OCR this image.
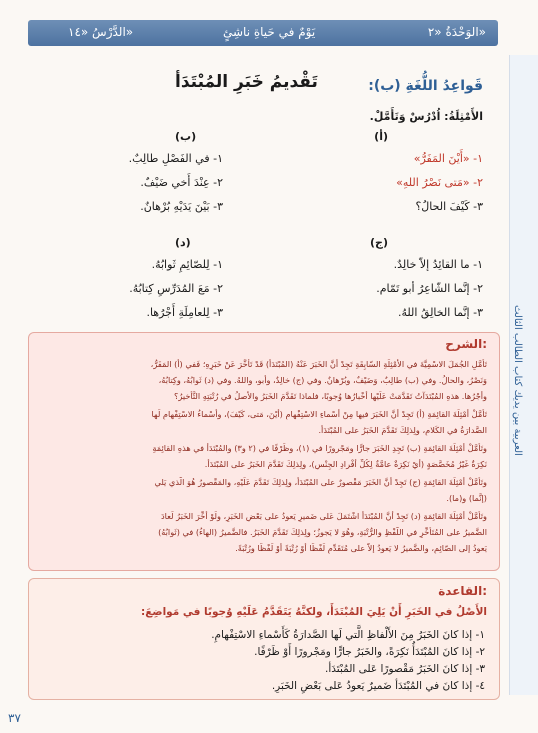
الوَحْدَةُ «٢»
يَوْمٌ في حَياةِ ناشِئٍ
الدَّرْسُ «١٤»
العربية بين يديك كتاب الطالب الثالث
تَقْديمُ خَبَرِ المُبْتَدَأ	قَواعِدُ اللُّغَةِ (ب):
الأَمْثِلَةُ: اُدْرُسْ وَتَأَمَّلْ.
(أ)
١- «أَيْنَ المَفَرُّ»
٢- «مَتى نَصْرُ اللهِ»
٣- كَيْفَ الحالُ؟
(ب)
١- في الفَصْلِ طالِبٌ.
٢- عِنْدَ أَخي ضَيْفٌ.
٣- بَيْنَ يَدَيْهِ بُرْهانٌ.
(ج)
١- ما القائِدُ إلاّ خالِدٌ.
٢- إنَّما الشّاعِرُ أبو تَمّام.
٣- إنَّما الخالِقُ اللهُ.
(د)
١- لِلصّائِمِ ثَوابُهُ.
٢- مَعَ المُدَرِّسِ كِتابُهُ.
٣- لِلعامِلَةِ أَجْرُها.
الشرح:
تَأَمَّلِ الجُمَلَ الاسْمِيَّةَ في الأَمْثِلَةِ السّابِقَةِ تَجِدْ أنَّ الخَبَرَ عَنْهُ (المُبْتَدَأَ) قَدْ تَأَخَّرَ عَنْ خَبَرِهِ؛ فَفي (أ) المَفَرُّ،
وَنَصْرُ، والحالُ. وفي (ب) طالِبٌ، وَضَيْفٌ، وبُرْهانٌ. وفي (ج) خالِدٌ، وأبو، واللهُ. وفي (د) ثَوابُهُ، وكِتابُهُ،
وأَجْرُها. هذهِ المُبْتَدَآتُ تَقَدَّمَتْ عَلَيْها أخْبارُها وُجوبًا، فلماذا تَقَدَّمَ الخَبَرُ والأصلُ في رُتْبَتِهِ التَّأخيرُ؟
تَأَمَّلْ أمْثِلَةَ القائِمَةِ (أ) تَجِدْ أنَّ الخَبَرَ فيها مِنْ أَسْماءِ الاسْتِفْهامِ (أَيْنَ، مَتى، كَيْفَ)، وأَسْماءُ الاسْتِفْهامِ لَها
الصَّدارَةُ في الكَلامِ، ولِذلِكَ تَقَدَّمَ الخَبَرُ على المُبْتَدَأ.
وتَأَمَّلْ أمْثِلَةَ القائِمَةِ (ب) تَجِدِ الخَبَرَ جارًّا ومَجْرورًا في (١)، وظَرْفًا في (٢ و٣) والمُبْتَدَأ في هذهِ القائِمَةِ
نَكِرَةٌ غَيْرُ مُخَصَّصَةٍ (أيْ نَكِرَةٌ عامَّةٌ لِكُلِّ أفْرادِ الجِنْسِ)، ولِذلِكَ تَقَدَّمَ الخَبَرُ على المُبْتَدَأ.
وتَأَمَّلْ أمْثِلَةَ القائِمَةِ (ج) تَجِدْ أنَّ الخَبَرَ مَقْصورٌ على المُبْتَدَأ، ولِذلِكَ تَقَدَّمَ عَلَيْهِ، والمَقْصورُ هُوَ الَّذي يَلي
(إنَّما) و(ما).
وتَأَمَّلْ أمْثِلَةَ القائِمَةِ (د) تَجِدْ أنَّ المُبْتَدَأ اشْتَمَلَ عَلى ضَميرٍ يَعودُ على بَعْضِ الخَبَرِ، ولَوْ أُخِّرَ الخَبَرُ لَعادَ
الضَّميرُ على المُتَأخِّرِ في اللَّفْظِ والرُّتْبَةِ، وهُوَ لا يَجوزُ؛ ولِذلِكَ تَقَدَّمَ الخَبَرُ. فالضَّميرُ (الهاءُ) في (ثَوابُهُ)
يَعودُ إلى الصّائِمِ، والضَّميرُ لا يَعودُ إلاّ على مُتَقَدِّمٍ لَفْظًا أوْ رُتْبَةً أوْ لَفْظًا ورُتْبَةً.
القاعدة:
الأَصْلُ في الخَبَرِ أَنْ يَلِيَ المُبْتَدَأَ، ولكنَّهُ يَتَقَدَّمُ عَلَيْهِ وُجوبًا في مَواضِعَ:
١- إذا كانَ الخَبَرُ مِنَ الأَلْفاظِ الَّتي لَها الصَّدارَةُ كَأَسْماءِ الاسْتِفْهامِ.
٢- إذا كانَ المُبْتَدَأُ نَكِرَةً، والخَبَرُ جارًّا ومَجْرورًا أَوْ ظَرْفًا.
٣- إذا كانَ الخَبَرُ مَقْصورًا عَلى المُبْتَدَأ.
٤- إذا كانَ في المُبْتَدَأ ضَميرٌ يَعودُ عَلى بَعْضِ الخَبَرِ.
٣٧
